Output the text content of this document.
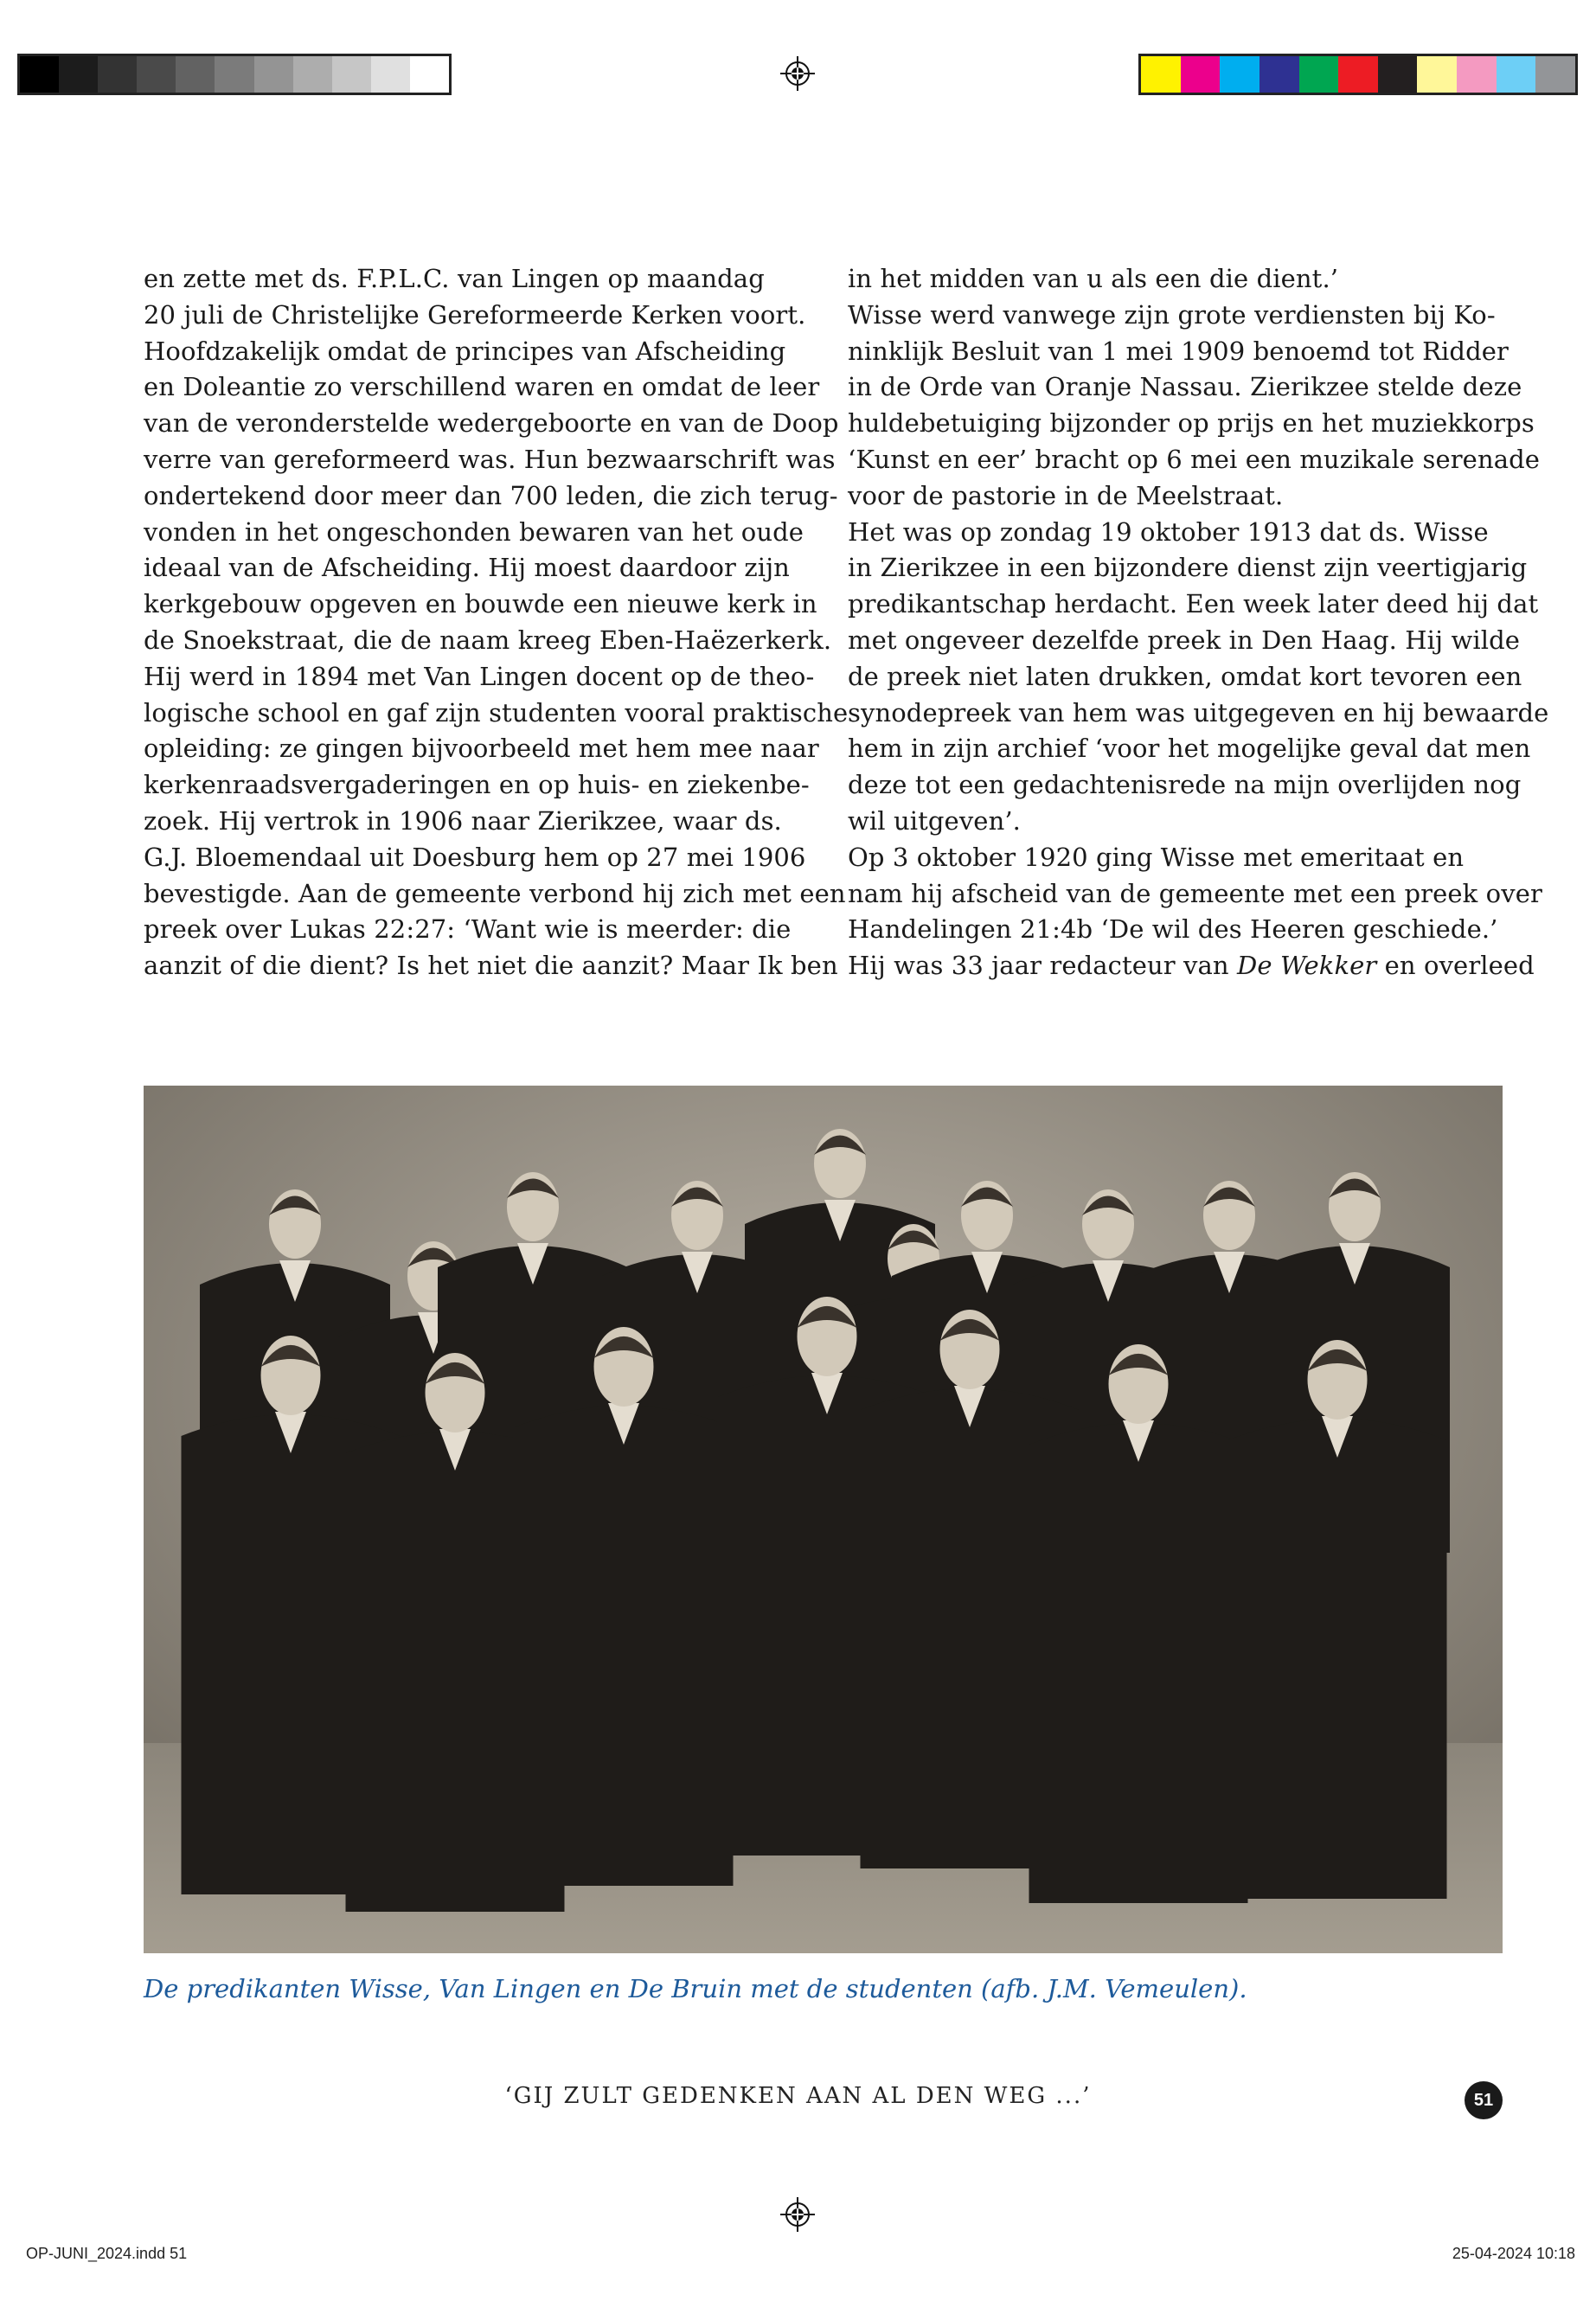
en zette met ds. F.P.L.C. van Lingen op maandag
20 juli de Christelijke Gereformeerde Kerken voort.
Hoofdzakelijk omdat de principes van Afscheiding
en Doleantie zo verschillend waren en omdat de leer
van de veronderstelde wedergeboorte en van de Doop
verre van gereformeerd was. Hun bezwaarschrift was
ondertekend door meer dan 700 leden, die zich terug-
vonden in het ongeschonden bewaren van het oude
ideaal van de Afscheiding. Hij moest daardoor zijn
kerkgebouw opgeven en bouwde een nieuwe kerk in
de Snoekstraat, die de naam kreeg Eben-Haëzerkerk.
Hij werd in 1894 met Van Lingen docent op de theo-
logische school en gaf zijn studenten vooral praktische
opleiding: ze gingen bijvoorbeeld met hem mee naar
kerkenraadsvergaderingen en op huis- en ziekenbe-
zoek. Hij vertrok in 1906 naar Zierikzee, waar ds.
G.J. Bloemendaal uit Doesburg hem op 27 mei 1906
bevestigde. Aan de gemeente verbond hij zich met een
preek over Lukas 22:27: ‘Want wie is meerder: die
aanzit of die dient? Is het niet die aanzit? Maar Ik ben
in het midden van u als een die dient.’
Wisse werd vanwege zijn grote verdiensten bij Ko-
ninklijk Besluit van 1 mei 1909 benoemd tot Ridder
in de Orde van Oranje Nassau. Zierikzee stelde deze
huldebetuiging bijzonder op prijs en het muziekkorps
‘Kunst en eer’ bracht op 6 mei een muzikale serenade
voor de pastorie in de Meelstraat.
Het was op zondag 19 oktober 1913 dat ds. Wisse
in Zierikzee in een bijzondere dienst zijn veertigjarig
predikantschap herdacht. Een week later deed hij dat
met ongeveer dezelfde preek in Den Haag. Hij wilde
de preek niet laten drukken, omdat kort tevoren een
synodepreek van hem was uitgegeven en hij bewaarde
hem in zijn archief ‘voor het mogelijke geval dat men
deze tot een gedachtenisrede na mijn overlijden nog
wil uitgeven’.
Op 3 oktober 1920 ging Wisse met emeritaat en
nam hij afscheid van de gemeente met een preek over
Handelingen 21:4b ‘De wil des Heeren geschiede.’
Hij was 33 jaar redacteur van De Wekker en overleed
De predikanten Wisse, Van Lingen en De Bruin met de studenten (afb. J.M. Vemeulen).
‘GIJ ZULT GEDENKEN AAN AL DEN WEG ...’	51
OP-JUNI_2024.indd 51	25-04-2024 10:18
